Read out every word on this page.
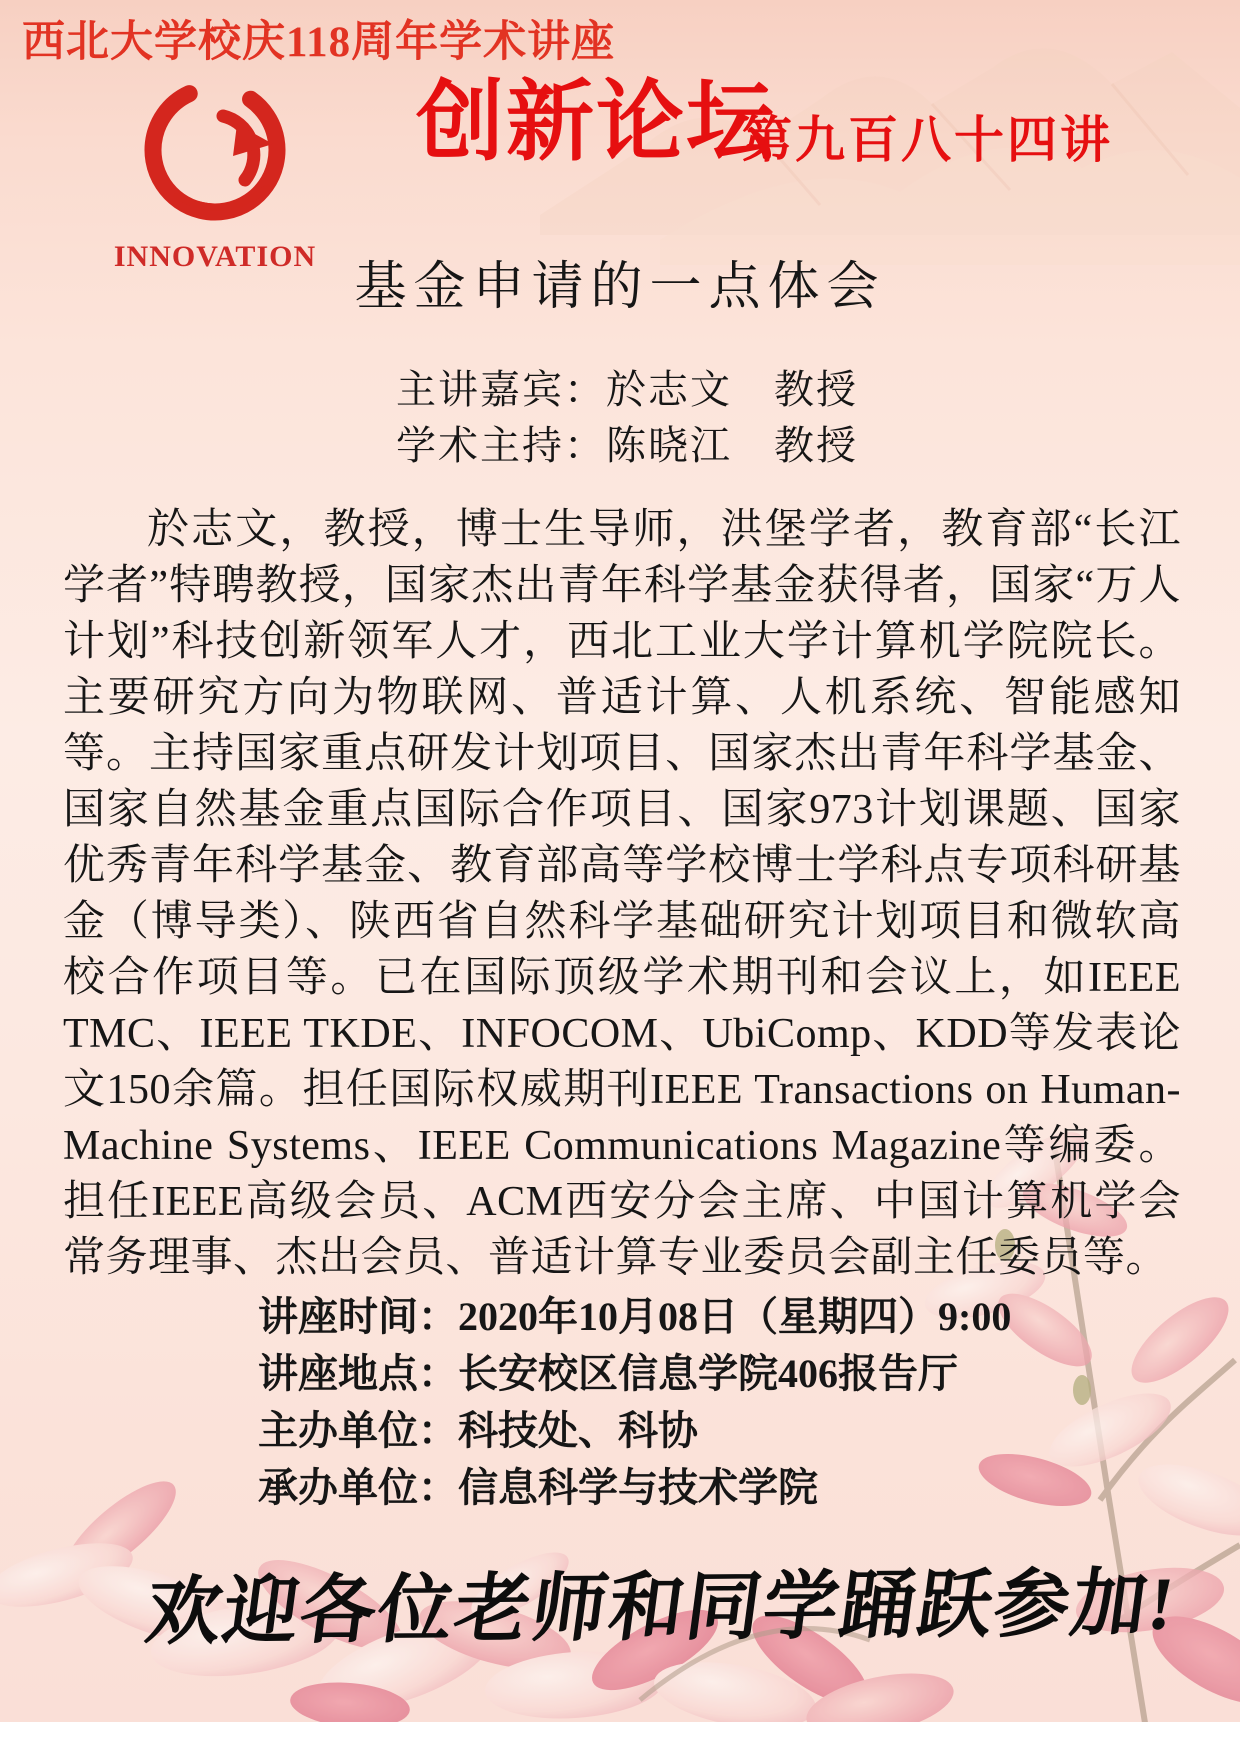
西北大学校庆118周年学术讲座
INNOVATION
创新论坛
第九百八十四讲
基金申请的一点体会
主讲嘉宾：於志文　教授
学术主持：陈晓江　教授

於志文，教授，博士生导师，洪堡学者，教育部“长江学者”特聘教授，国家杰出青年科学基金获得者，国家“万人计划”科技创新领军人才，西北工业大学计算机学院院长。主要研究方向为物联网、普适计算、人机系统、智能感知等。主持国家重点研发计划项目、国家杰出青年科学基金、国家自然基金重点国际合作项目、国家973计划课题、国家优秀青年科学基金、教育部高等学校博士学科点专项科研基金（博导类）、陕西省自然科学基础研究计划项目和微软高校合作项目等。已在国际顶级学术期刊和会议上，如IEEE TMC、IEEE TKDE、INFOCOM、UbiComp、KDD等发表论文150余篇。担任国际权威期刊IEEE Transactions on Human-Machine Systems、IEEE Communications Magazine等编委。担任IEEE高级会员、ACM西安分会主席、中国计算机学会常务理事、杰出会员、普适计算专业委员会副主任委员等。

讲座时间：2020年10月08日（星期四）9:00
讲座地点：长安校区信息学院406报告厅
主办单位：科技处、科协
承办单位：信息科学与技术学院
欢迎各位老师和同学踊跃参加!
